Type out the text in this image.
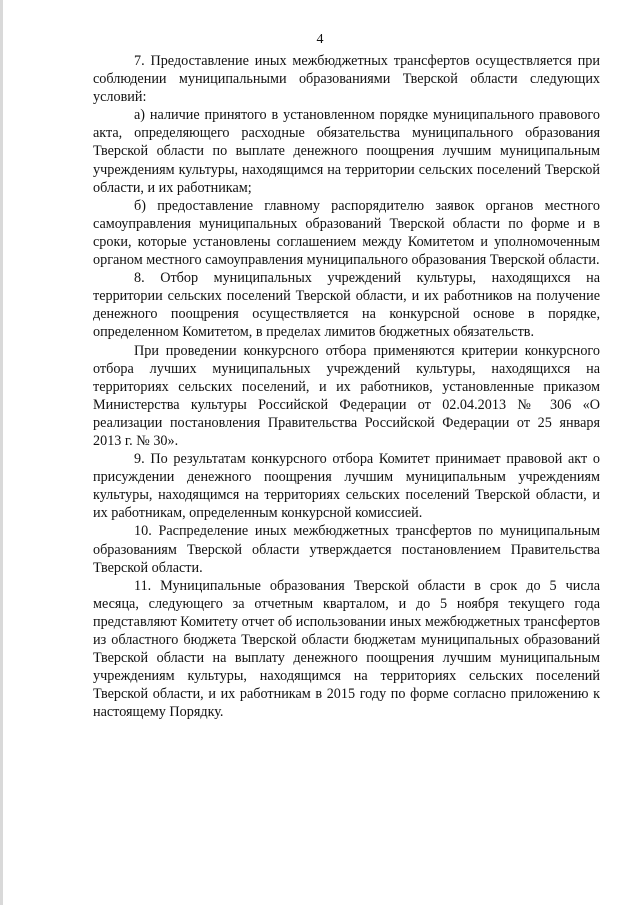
4

7. Предоставление иных межбюджетных трансфертов осуществляется при соблюдении муниципальными образованиями Тверской области следующих условий:

а) наличие принятого в установленном порядке муниципального правового акта, определяющего расходные обязательства муниципального образования Тверской области по выплате денежного поощрения лучшим муниципальным учреждениям культуры, находящимся на территории сельских поселений Тверской области, и их работникам;

б) предоставление главному распорядителю заявок органов местного самоуправления муниципальных образований Тверской области по форме и в сроки, которые установлены соглашением между Комитетом и уполномоченным органом местного самоуправления муниципального образования Тверской области.

8. Отбор муниципальных учреждений культуры, находящихся на территории сельских поселений Тверской области, и их работников на получение денежного поощрения осуществляется на конкурсной основе в порядке, определенном Комитетом, в пределах лимитов бюджетных обязательств.

При проведении конкурсного отбора применяются критерии конкурсного отбора лучших муниципальных учреждений культуры, находящихся на территориях сельских поселений, и их работников, установленные приказом Министерства культуры Российской Федерации от 02.04.2013 № 306 «О реализации постановления Правительства Российской Федерации от 25 января 2013 г. № 30».

9. По результатам конкурсного отбора Комитет принимает правовой акт о присуждении денежного поощрения лучшим муниципальным учреждениям культуры, находящимся на территориях сельских поселений Тверской области, и их работникам, определенным конкурсной комиссией.

10. Распределение иных межбюджетных трансфертов по муниципальным образованиям Тверской области утверждается постановлением Правительства Тверской области.

11. Муниципальные образования Тверской области в срок до 5 числа месяца, следующего за отчетным кварталом, и до 5 ноября текущего года представляют Комитету отчет об использовании иных межбюджетных трансфертов из областного бюджета Тверской области бюджетам муниципальных образований Тверской области на выплату денежного поощрения лучшим муниципальным учреждениям культуры, находящимся на территориях сельских поселений Тверской области, и их работникам в 2015 году по форме согласно приложению к настоящему Порядку.
